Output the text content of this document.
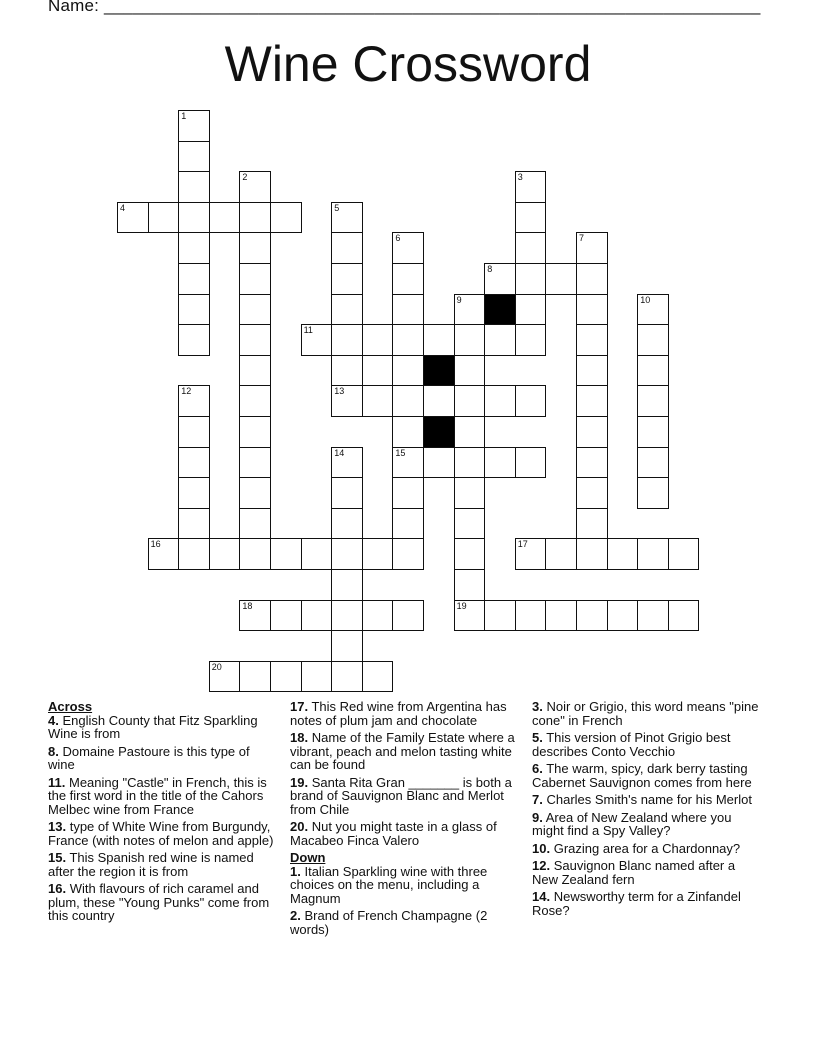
Name: ____________________________________________________________________
Wine Crossword
1
2	3
5
6
15
7
9	10
12
14
4
8
11
13
16	17
18	19
20
Across
4. English County that Fitz Sparkling Wine is from
8. Domaine Pastoure is this type of wine
11. Meaning "Castle" in French, this is the first word in the title of the Cahors Melbec wine from France
13. type of White Wine from Burgundy, France (with notes of melon and apple)
15. This Spanish red wine is named after the region it is from
16. With flavours of rich caramel and plum, these "Young Punks" come from this country
17. This Red wine from Argentina has notes of plum jam and chocolate
18. Name of the Family Estate where a vibrant, peach and melon tasting white can be found
19. Santa Rita Gran _______ is both a brand of Sauvignon Blanc and Merlot from Chile
20. Nut you might taste in a glass of Macabeo Finca Valero
Down
1. Italian Sparkling wine with three choices on the menu, including a Magnum
2. Brand of French Champagne (2 words)
3. Noir or Grigio, this word means "pine cone" in French
5. This version of Pinot Grigio best describes Conto Vecchio
6. The warm, spicy, dark berry tasting Cabernet Sauvignon comes from here
7. Charles Smith's name for his Merlot
9. Area of New Zealand where you might find a Spy Valley?
10. Grazing area for a Chardonnay?
12. Sauvignon Blanc named after a New Zealand fern
14. Newsworthy term for a Zinfandel Rose?
